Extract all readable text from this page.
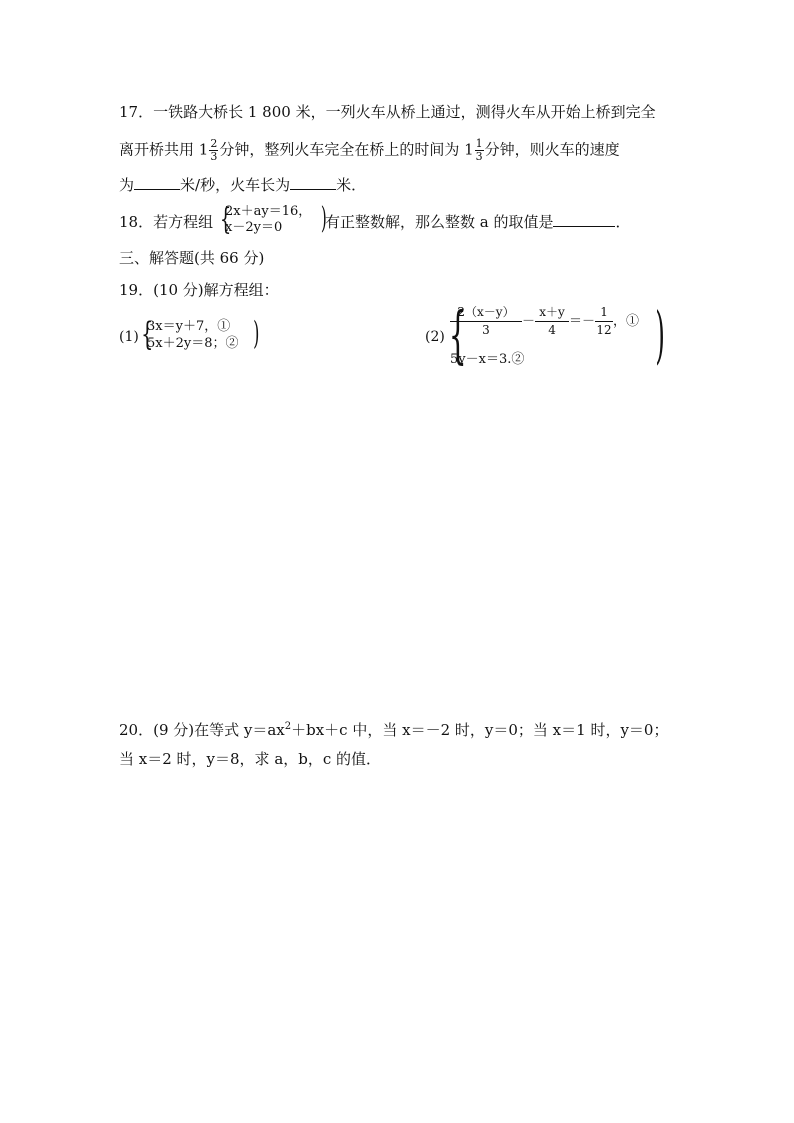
17．一铁路大桥长 1 800 米，一列火车从桥上通过，测得火车从开始上桥到完全
离开桥共用 $1 \frac{2}{3}$ 分钟，整列火车完全在桥上的时间为 $1 \frac{1}{3}$ 分钟，则火车的速度
为	米/秒，火车长为	米．
18．若方程组 {
2x＋ay＝16，
x－2y＝0	)
有正整数解，那么整数 a 的取值是	．
三、解答题(共 66 分)
19．(10 分)解方程组：
(1) {
3x＝y＋7，①
5x＋2y＝8；② )	(2) {
$\frac{2(x-y)}{3} - \frac{x+y}{4} =- \frac{1}{12}$ ，①
5y－x＝3.② )
20．(9 分)在等式 $y=ax^2+bx+c$ 中，当 x＝－2 时，y＝0；当 x＝1 时，y＝0；
当 x＝2 时，y＝8，求 a，b，c 的值．
